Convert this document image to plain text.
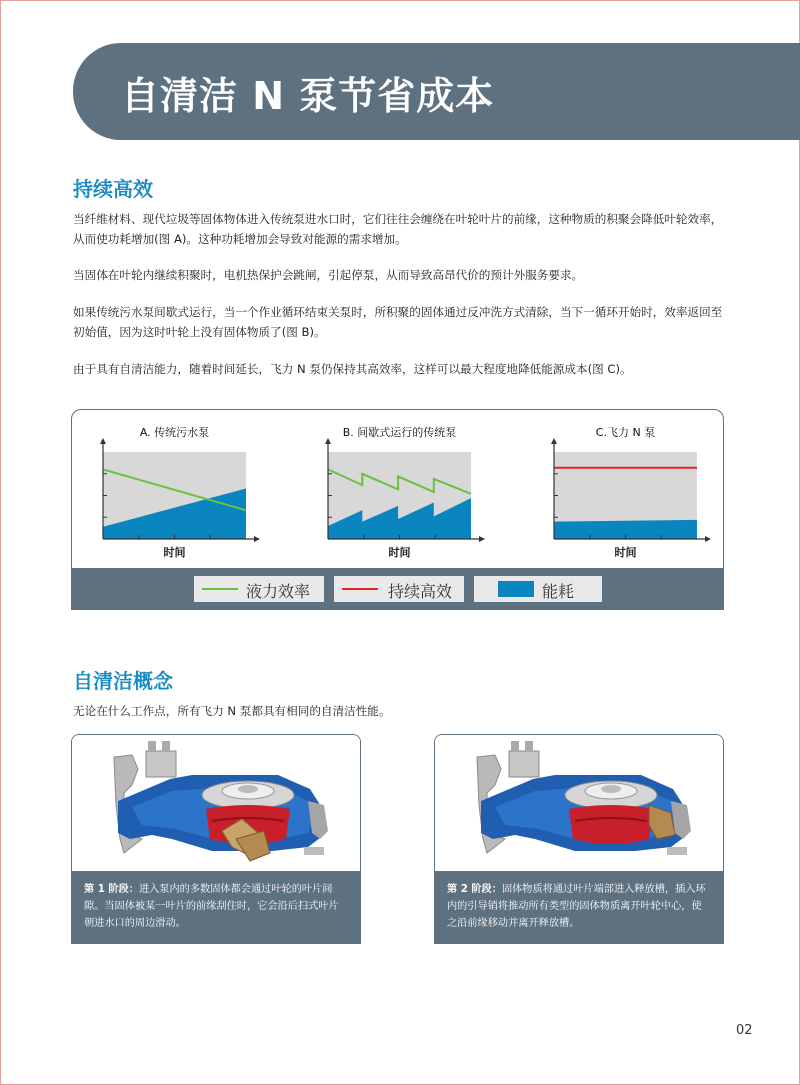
自清洁 N 泵节省成本
持续高效
当纤维材料、现代垃圾等固体物体进入传统泵进水口时，它们往往会缠绕在叶轮叶片的前缘，这种物质的积聚会降低叶轮效率，从而使功耗增加(图 A)。这种功耗增加会导致对能源的需求增加。
当固体在叶轮内继续积聚时，电机热保护会跳闸，引起停泵，从而导致高昂代价的预计外服务要求。
如果传统污水泵间歇式运行，当一个作业循环结束关泵时，所积聚的固体通过反冲洗方式清除，当下一循环开始时，效率返回至初始值，因为这时叶轮上没有固体物质了(图 B)。
由于具有自清洁能力，随着时间延长，飞力 N 泵仍保持其高效率，这样可以最大程度地降低能源成本(图 C)。
A. 传统污水泵
时间
B. 间歇式运行的传统泵
时间
C.飞力 N 泵
时间
液力效率	持续高效	能耗
自清洁概念
无论在什么工作点，所有飞力 N 泵都具有相同的自清洁性能。
第 1 阶段：进入泵内的多数固体都会通过叶轮的叶片间隙。当固体被某一叶片的前缘刮住时，它会沿后扫式叶片朝进水口的周边滑动。
第 2 阶段：固体物质将通过叶片端部进入释放槽，插入环内的引导销将推动所有类型的固体物质离开叶轮中心，使之沿前缘移动并离开释放槽。
02
